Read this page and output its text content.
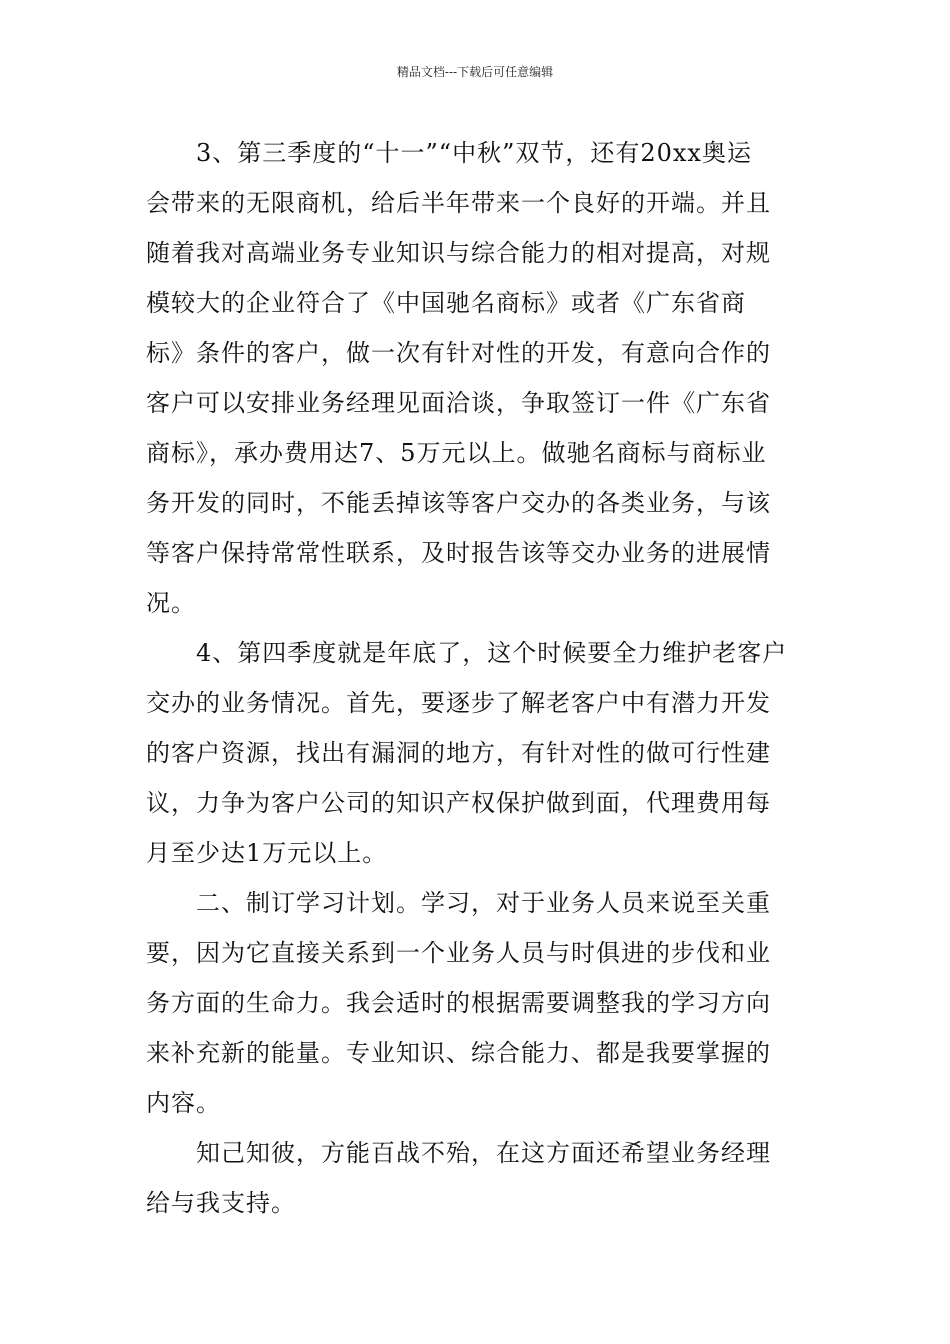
精品文档---下载后可任意编辑
3、第三季度的“十一”“中秋”双节，还有20xx奥运
会带来的无限商机，给后半年带来一个良好的开端。并且
随着我对高端业务专业知识与综合能力的相对提高，对规
模较大的企业符合了《中国驰名商标》或者《广东省商
标》条件的客户，做一次有针对性的开发，有意向合作的
客户可以安排业务经理见面洽谈，争取签订一件《广东省
商标》，承办费用达7、5万元以上。做驰名商标与商标业
务开发的同时，不能丢掉该等客户交办的各类业务，与该
等客户保持常常性联系，及时报告该等交办业务的进展情
况。
4、第四季度就是年底了，这个时候要全力维护老客户
交办的业务情况。首先，要逐步了解老客户中有潜力开发
的客户资源，找出有漏洞的地方，有针对性的做可行性建
议，力争为客户公司的知识产权保护做到面，代理费用每
月至少达1万元以上。
二、制订学习计划。学习，对于业务人员来说至关重
要，因为它直接关系到一个业务人员与时俱进的步伐和业
务方面的生命力。我会适时的根据需要调整我的学习方向
来补充新的能量。专业知识、综合能力、都是我要掌握的
内容。
知己知彼，方能百战不殆，在这方面还希望业务经理
给与我支持。
